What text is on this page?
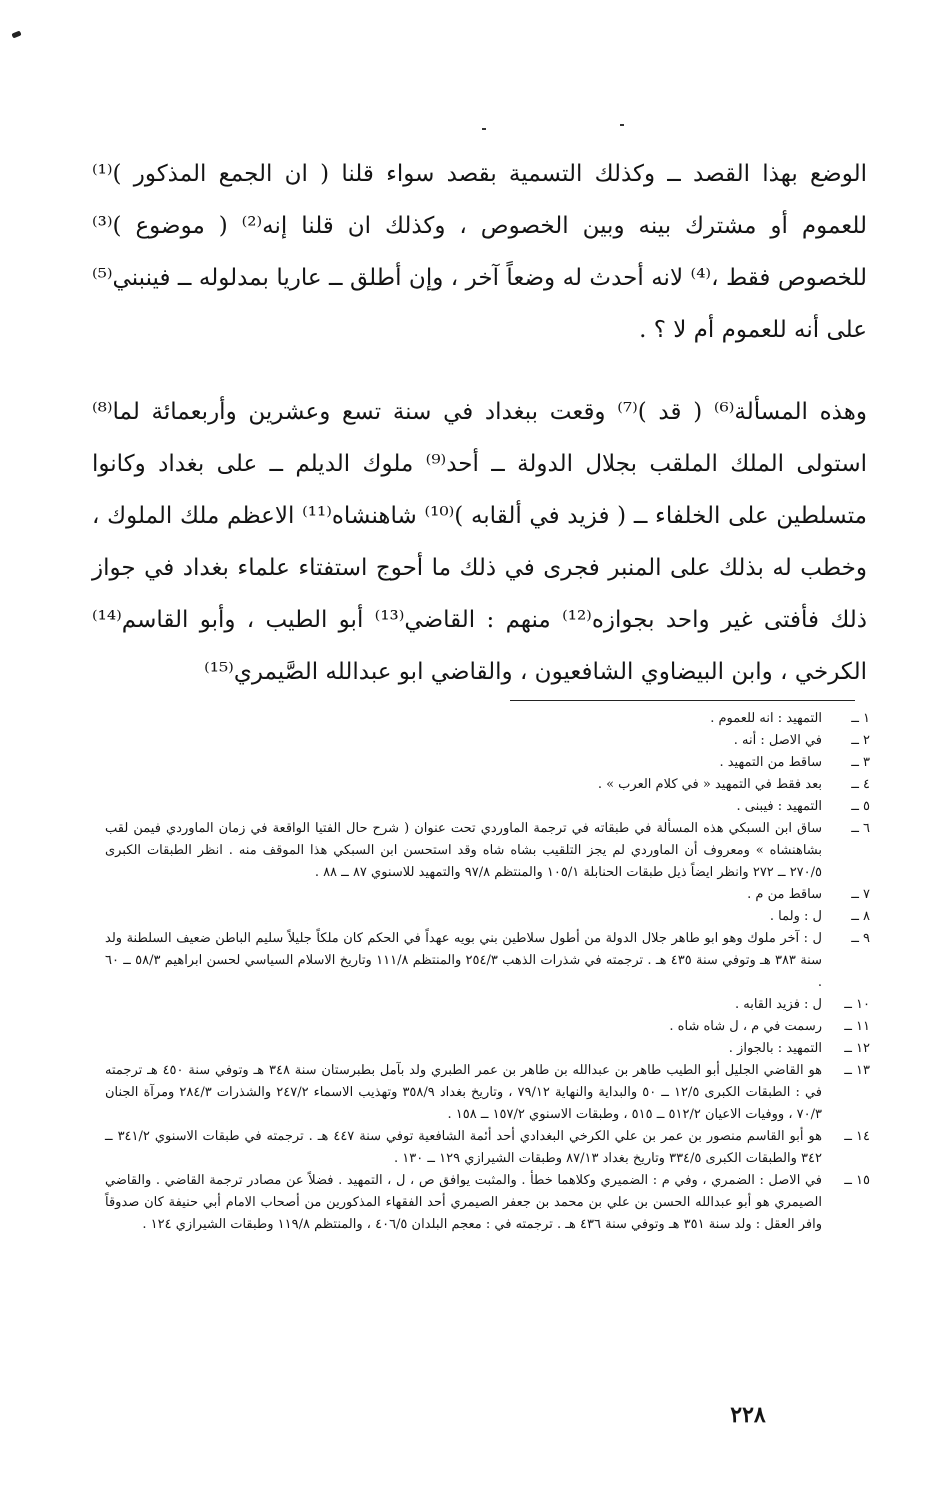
الوضع بهذا القصد ــ وكذلك التسمية بقصد سواء قلنا ( ان الجمع المذكور )⁽¹⁾ للعموم أو مشترك بينه وبين الخصوص ، وكذلك ان قلنا إنه⁽²⁾ ( موضوع )⁽³⁾ للخصوص فقط ،⁽⁴⁾ لانه أحدث له وضعاً آخر ، وإن أطلق ــ عاريا بمدلوله ــ فينبني⁽⁵⁾ على أنه للعموم أم لا ؟ .

وهذه المسألة⁽⁶⁾ ( قد )⁽⁷⁾ وقعت ببغداد في سنة تسع وعشرين وأربعمائة لما⁽⁸⁾ استولى الملك الملقب بجلال الدولة ــ أحد⁽⁹⁾ ملوك الديلم ــ على بغداد وكانوا متسلطين على الخلفاء ــ ( فزيد في ألقابه )⁽¹⁰⁾ شاهنشاه⁽¹¹⁾ الاعظم ملك الملوك ، وخطب له بذلك على المنبر فجرى في ذلك ما أحوج استفتاء علماء بغداد في جواز ذلك فأفتى غير واحد بجوازه⁽¹²⁾ منهم : القاضي⁽¹³⁾ أبو الطيب ، وأبو القاسم⁽¹⁴⁾ الكرخي ، وابن البيضاوي الشافعيون ، والقاضي ابو عبدالله الصَّيمري⁽¹⁵⁾

١ ــ
التمهيد : انه للعموم .
٢ ــ
في الاصل : أنه .
٣ ــ
ساقط من التمهيد .
٤ ــ
بعد فقط في التمهيد « في كلام العرب » .
٥ ــ
التمهيد : فيبنى .
٦ ــ
ساق ابن السبكي هذه المسألة في طبقاته في ترجمة الماوردي تحت عنوان ( شرح حال الفتيا الواقعة في زمان الماوردي فيمن لقب بشاهنشاه » ومعروف أن الماوردي لم يجز التلقيب بشاه شاه وقد استحسن ابن السبكي هذا الموقف منه . انظر الطبقات الكبرى ٢٧٠/٥ ــ ٢٧٢ وانظر ايضاً ذيل طبقات الحنابلة ١٠٥/١ والمنتظم ٩٧/٨ والتمهيد للاسنوي ٨٧ ــ ٨٨ .
٧ ــ
ساقط من م .
٨ ــ
ل : ولما .
٩ ــ
ل : آخر ملوك وهو ابو طاهر جلال الدولة من أطول سلاطين بني بويه عهداً في الحكم كان ملكاً جليلاً سليم الباطن ضعيف السلطنة ولد سنة ٣٨٣ هـ وتوفي سنة ٤٣٥ هـ . ترجمته في شذرات الذهب ٢٥٤/٣ والمنتظم ١١١/٨ وتاريخ الاسلام السياسي لحسن ابراهيم ٥٨/٣ ــ ٦٠ .
١٠ ــ
ل : فزيد القابه .
١١ ــ
رسمت في م ، ل شاه شاه .
١٢ ــ
التمهيد : بالجواز .
١٣ ــ
هو القاضي الجليل أبو الطيب طاهر بن عبدالله بن طاهر بن عمر الطبري ولد بآمل بطبرستان سنة ٣٤٨ هـ وتوفي سنة ٤٥٠ هـ ترجمته في : الطبقات الكبرى ١٢/٥ ــ ٥٠ والبداية والنهاية ٧٩/١٢ ، وتاريخ بغداد ٣٥٨/٩ وتهذيب الاسماء ٢٤٧/٢ والشذرات ٢٨٤/٣ ومرآة الجنان ٧٠/٣ ، ووفيات الاعيان ٥١٢/٢ ــ ٥١٥ ، وطبقات الاسنوي ١٥٧/٢ ــ ١٥٨ .
١٤ ــ
هو أبو القاسم منصور بن عمر بن علي الكرخي البغدادي أحد أئمة الشافعية توفي سنة ٤٤٧ هـ . ترجمته في طبقات الاسنوي ٣٤١/٢ ــ ٣٤٢ والطبقات الكبرى ٣٣٤/٥ وتاريخ بغداد ٨٧/١٣ وطبقات الشيرازي ١٢٩ ــ ١٣٠ .
١٥ ــ
في الاصل : الضمري ، وفي م : الضميري وكلاهما خطأ . والمثبت يوافق ص ، ل ، التمهيد . فضلاً عن مصادر ترجمة القاضي . والقاضي الصيمري هو أبو عبدالله الحسن بن علي بن محمد بن جعفر الصيمري أحد الفقهاء المذكورين من أصحاب الامام أبي حنيفة كان صدوقاً وافر العقل : ولد سنة ٣٥١ هـ وتوفي سنة ٤٣٦ هـ . ترجمته في : معجم البلدان ٤٠٦/٥ ، والمنتظم ١١٩/٨ وطبقات الشيرازي ١٢٤ .
٢٢٨
